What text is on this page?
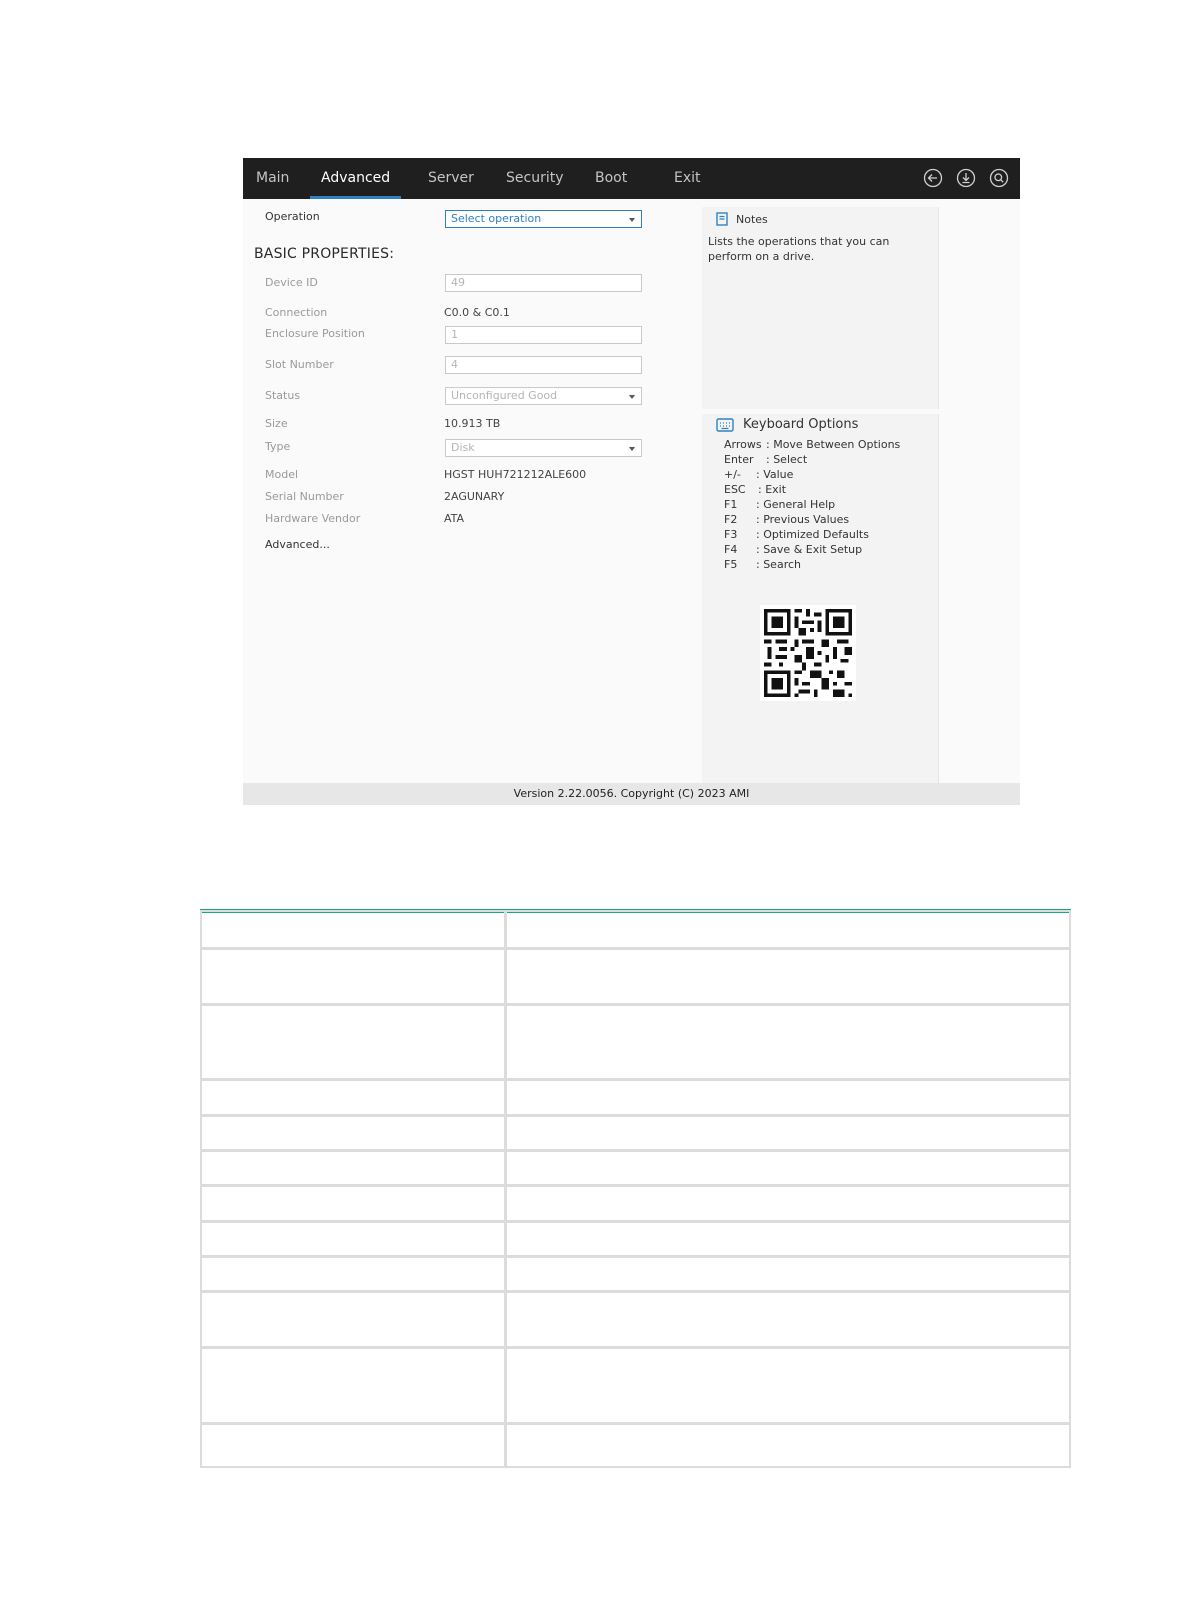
Main	Advanced	Server Security Boot	Exit
Operation	Select operation
BASIC PROPERTIES:
Device ID	49
Connection	C0.0 & C0.1
Enclosure Position	1
Slot Number	4
Status	Unconfigured Good
Size	10.913 TB
Type	Disk
Model	HGST HUH721212ALE600
Serial Number	2AGUNARY
Hardware Vendor	ATA
Advanced...
Notes
Lists the operations that you can perform on a drive.
Keyboard Options
Arrows : Move Between Options
Enter : Select
+/- : Value
ESC : Exit
F1 : General Help
F2 : Previous Values
F3 : Optimized Defaults
F4 : Save & Exit Setup
F5 : Search
Version 2.22.0056. Copyright (C) 2023 AMI
